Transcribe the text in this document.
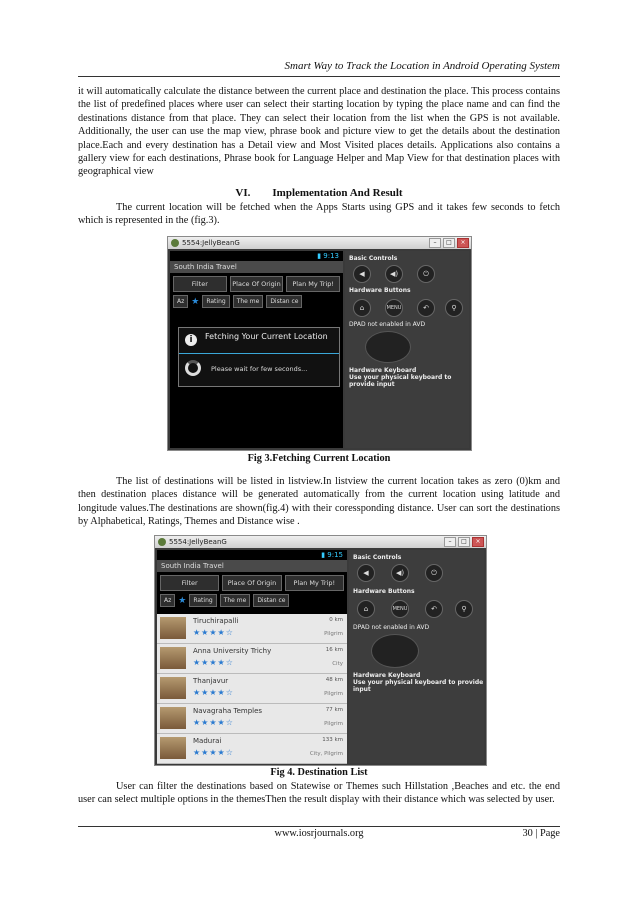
Smart Way to Track the Location in Android Operating System

it will automatically calculate the distance between the current place and destination the place. This process contains the list of predefined places where user can select their starting location by typing the place name and can find the destinations distance from that place. They can select their location from the list when the GPS is not available. Additionally, the user can use the map view, phrase book and picture view to get the details about the destination place.Each and every destination has a Detail view and Most Visited places details. Applications also contains a gallery view for each destinations, Phrase book for Language Helper and Map View for that destination places with geographical view

VI. Implementation And Result

The current location will be fetched when the Apps Starts using GPS and it takes few seconds to fetch which is represented in the (fig.3).

5554:JellyBeanG	–	□	×
▮ 9:13
South India Travel
Filter	Place Of Origin	Plan My Trip!
Az ★	Rating	The me	Distan ce
i	Fetching Your Current Location
Please wait for few seconds...
Basic Controls
◀	◀)	⏻
Hardware Buttons
⌂	MENU	↶	⚲
DPAD not enabled in AVD
Hardware Keyboard
Use your physical keyboard to provide input
Fig 3.Fetching Current Location

The list of destinations will be listed in listview.In listview the current location takes as zero (0)km and then destination places distance will be generated automatically from the current location using latitude and longitude values.The destinations are shown(fig.4) with their coressponding distance. User can sort the destinations by Alphabetical, Ratings, Themes and Distance wise .

5554:JellyBeanG	–	□	×
▮ 9:15
South India Travel
Filter	Place Of Origin	Plan My Trip!
Az ★	Rating	The me	Distan ce
Tiruchirapalli
★★★★☆
0 km
Pilgrim
Anna University Trichy
★★★★☆
16 km
City
Thanjavur
★★★★☆
48 km
Pilgrim
Navagraha Temples
★★★★☆
77 km
Pilgrim
Madurai
★★★★☆
133 km
City, Pilgrim
Basic Controls
◀	◀)	⏻
Hardware Buttons
⌂	MENU	↶	⚲
DPAD not enabled in AVD
Hardware Keyboard
Use your physical keyboard to provide input
Fig 4. Destination List

User can filter the destinations based on Statewise or Themes such Hillstation ,Beaches and etc. the end user can select multiple options in the themesThen the result display with their distance which was selected by user.

www.iosrjournals.org	30 | Page
